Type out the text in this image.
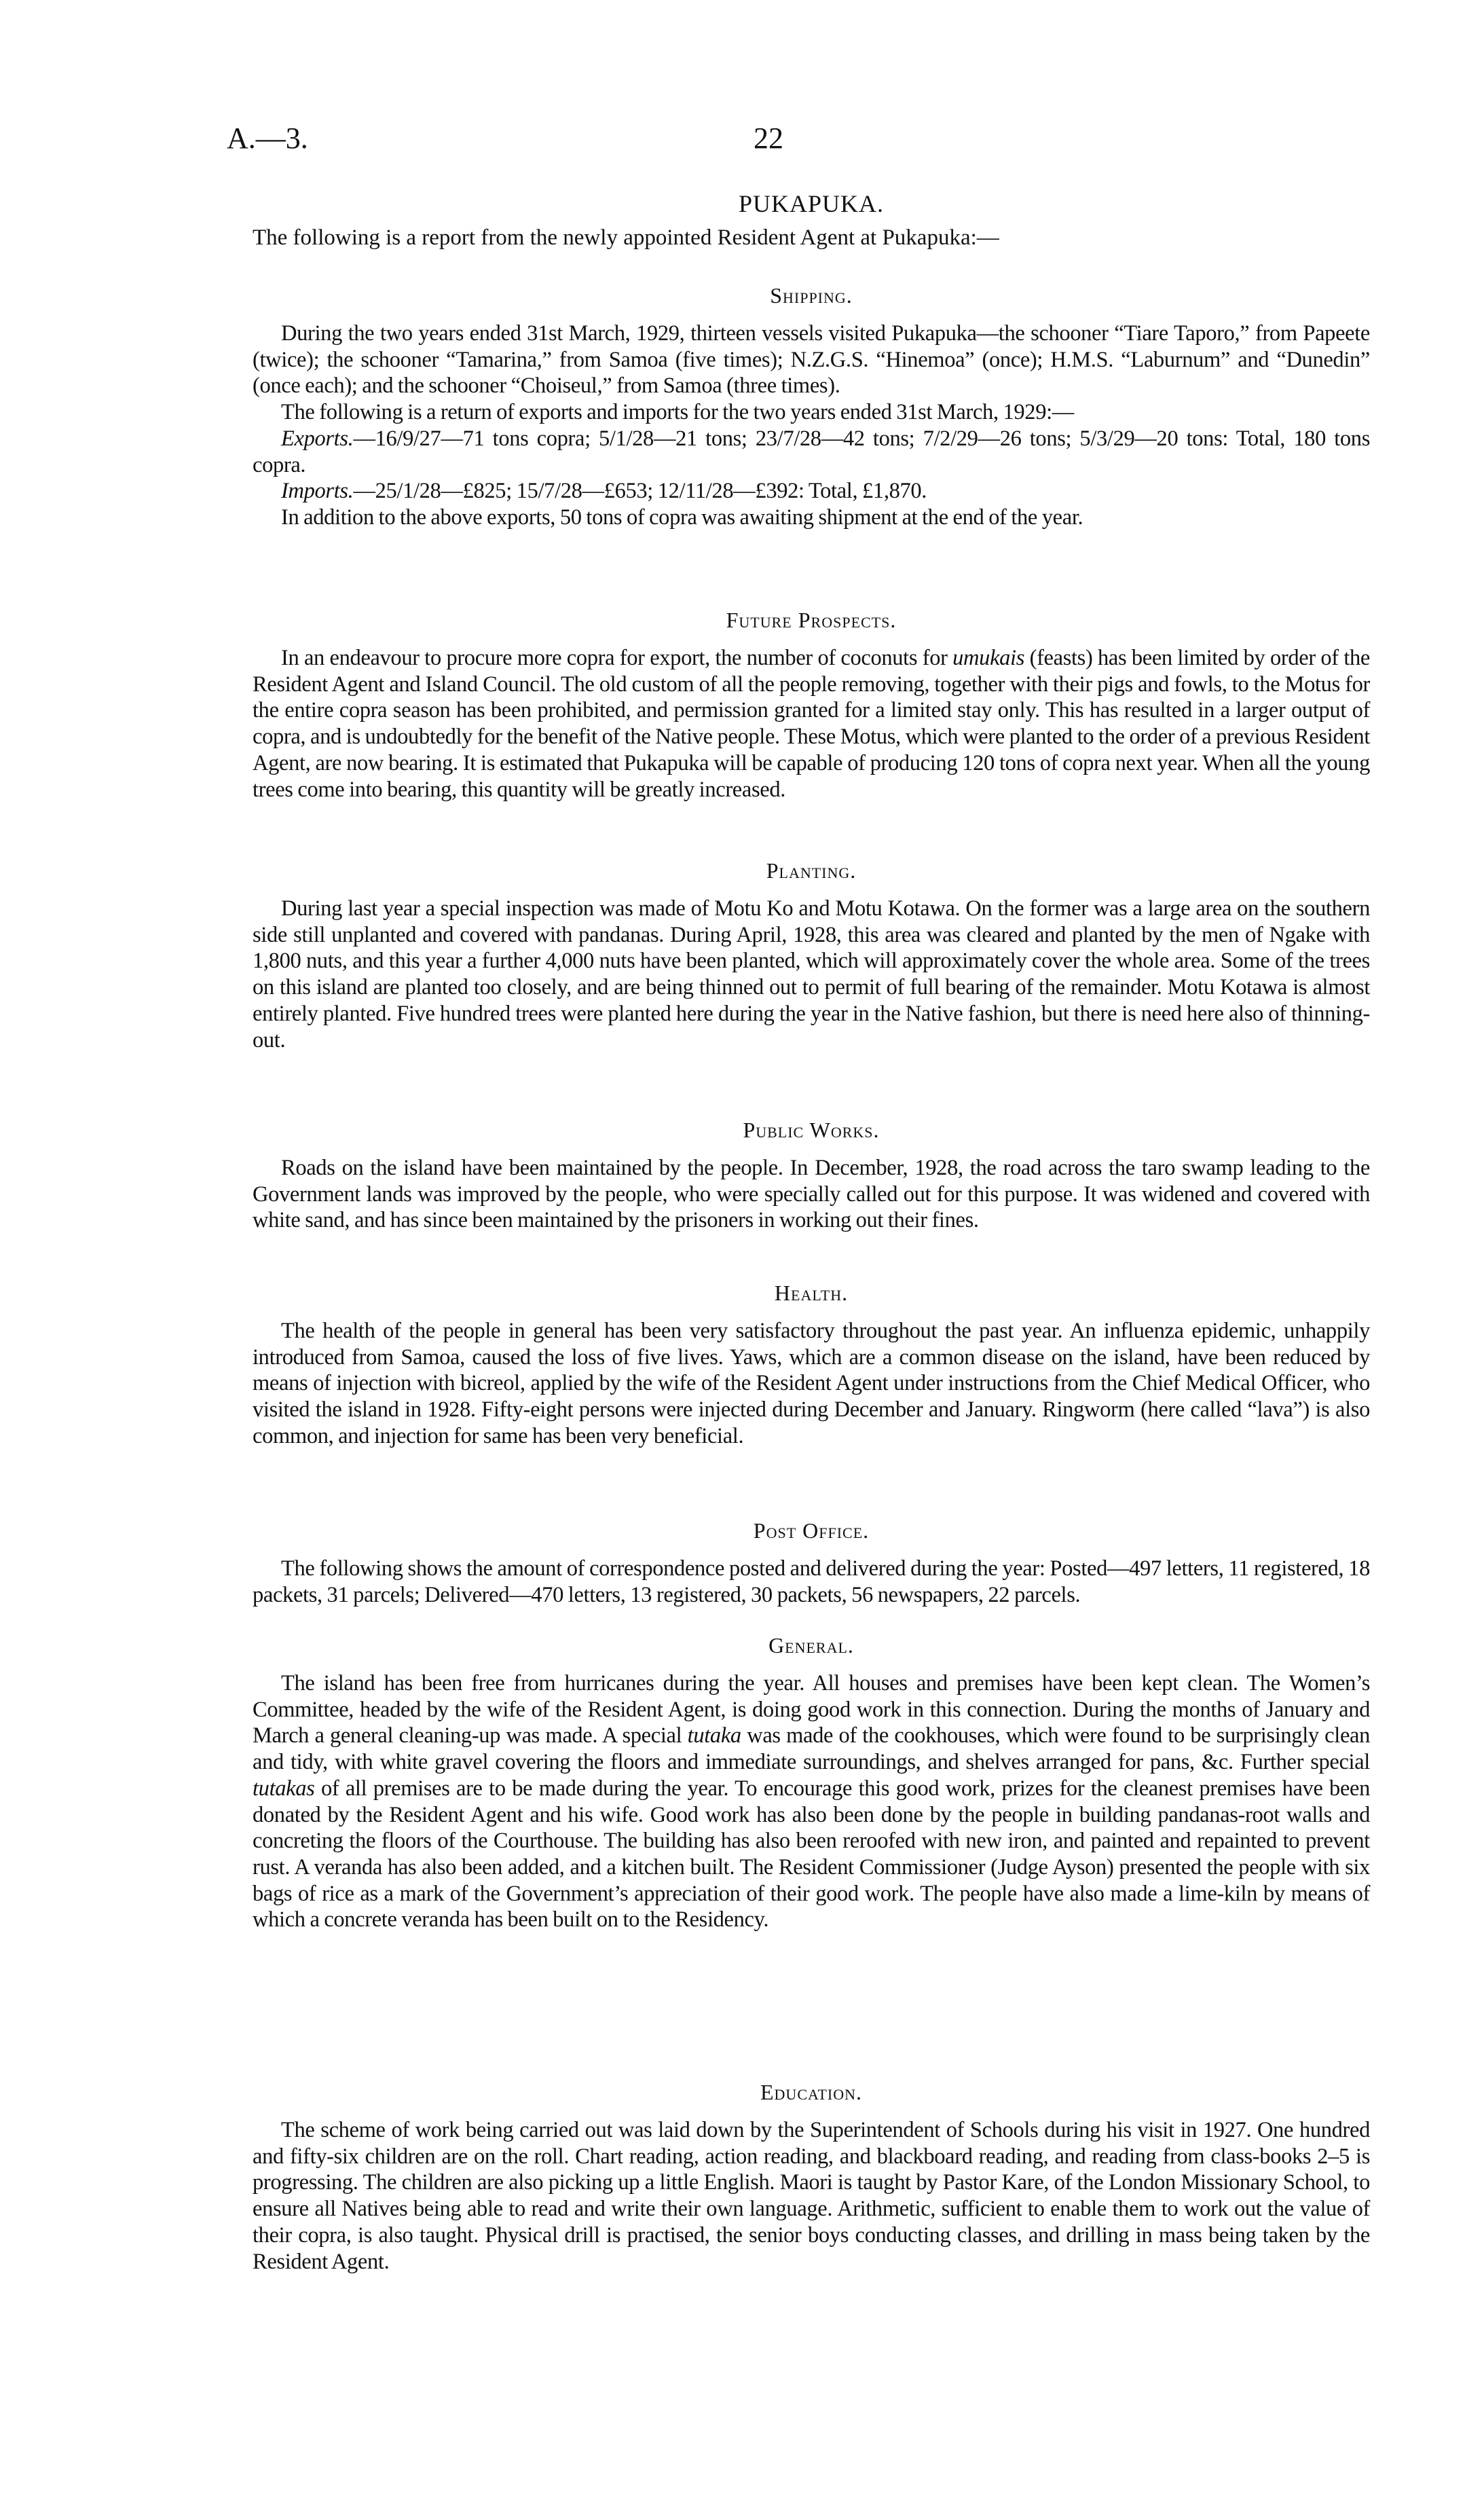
A.—3.	22
PUKAPUKA.
The following is a report from the newly appointed Resident Agent at Pukapuka:—
Shipping.

During the two years ended 31st March, 1929, thirteen vessels visited Pukapuka—the schooner “Tiare Taporo,” from Papeete (twice); the schooner “Tamarina,” from Samoa (five times); N.Z.G.S. “Hinemoa” (once); H.M.S. “Laburnum” and “Dunedin” (once each); and the schooner “Choiseul,” from Samoa (three times).

The following is a return of exports and imports for the two years ended 31st March, 1929:—

Exports.—16/9/27—71 tons copra; 5/1/28—21 tons; 23/7/28—42 tons; 7/2/29—26 tons; 5/3/29—20 tons: Total, 180 tons copra.

Imports.—25/1/28—£825; 15/7/28—£653; 12/11/28—£392: Total, £1,870.

In addition to the above exports, 50 tons of copra was awaiting shipment at the end of the year.

Future Prospects.

In an endeavour to procure more copra for export, the number of coconuts for umukais (feasts) has been limited by order of the Resident Agent and Island Council. The old custom of all the people removing, together with their pigs and fowls, to the Motus for the entire copra season has been prohibited, and permission granted for a limited stay only. This has resulted in a larger output of copra, and is undoubtedly for the benefit of the Native people. These Motus, which were planted to the order of a previous Resident Agent, are now bearing. It is estimated that Pukapuka will be capable of producing 120 tons of copra next year. When all the young trees come into bearing, this quantity will be greatly increased.

Planting.

During last year a special inspection was made of Motu Ko and Motu Kotawa. On the former was a large area on the southern side still unplanted and covered with pandanas. During April, 1928, this area was cleared and planted by the men of Ngake with 1,800 nuts, and this year a further 4,000 nuts have been planted, which will approximately cover the whole area. Some of the trees on this island are planted too closely, and are being thinned out to permit of full bearing of the remainder. Motu Kotawa is almost entirely planted. Five hundred trees were planted here during the year in the Native fashion, but there is need here also of thinning-out.

Public Works.

Roads on the island have been maintained by the people. In December, 1928, the road across the taro swamp leading to the Government lands was improved by the people, who were specially called out for this purpose. It was widened and covered with white sand, and has since been maintained by the prisoners in working out their fines.

Health.

The health of the people in general has been very satisfactory throughout the past year. An influenza epidemic, unhappily introduced from Samoa, caused the loss of five lives. Yaws, which are a common disease on the island, have been reduced by means of injection with bicreol, applied by the wife of the Resident Agent under instructions from the Chief Medical Officer, who visited the island in 1928. Fifty-eight persons were injected during December and January. Ringworm (here called “lava”) is also common, and injection for same has been very beneficial.

Post Office.

The following shows the amount of correspondence posted and delivered during the year: Posted—497 letters, 11 registered, 18 packets, 31 parcels; Delivered—470 letters, 13 registered, 30 packets, 56 newspapers, 22 parcels.

General.

The island has been free from hurricanes during the year. All houses and premises have been kept clean. The Women’s Committee, headed by the wife of the Resident Agent, is doing good work in this connection. During the months of January and March a general cleaning-up was made. A special tutaka was made of the cookhouses, which were found to be surprisingly clean and tidy, with white gravel covering the floors and immediate surroundings, and shelves arranged for pans, &c. Further special tutakas of all premises are to be made during the year. To encourage this good work, prizes for the cleanest premises have been donated by the Resident Agent and his wife. Good work has also been done by the people in building pandanas-root walls and concreting the floors of the Courthouse. The building has also been reroofed with new iron, and painted and repainted to prevent rust. A veranda has also been added, and a kitchen built. The Resident Commissioner (Judge Ayson) presented the people with six bags of rice as a mark of the Government’s appreciation of their good work. The people have also made a lime-kiln by means of which a concrete veranda has been built on to the Residency.

Education.

The scheme of work being carried out was laid down by the Superintendent of Schools during his visit in 1927. One hundred and fifty-six children are on the roll. Chart reading, action reading, and blackboard reading, and reading from class-books 2–5 is progressing. The children are also picking up a little English. Maori is taught by Pastor Kare, of the London Missionary School, to ensure all Natives being able to read and write their own language. Arithmetic, sufficient to enable them to work out the value of their copra, is also taught. Physical drill is practised, the senior boys conducting classes, and drilling in mass being taken by the Resident Agent.
